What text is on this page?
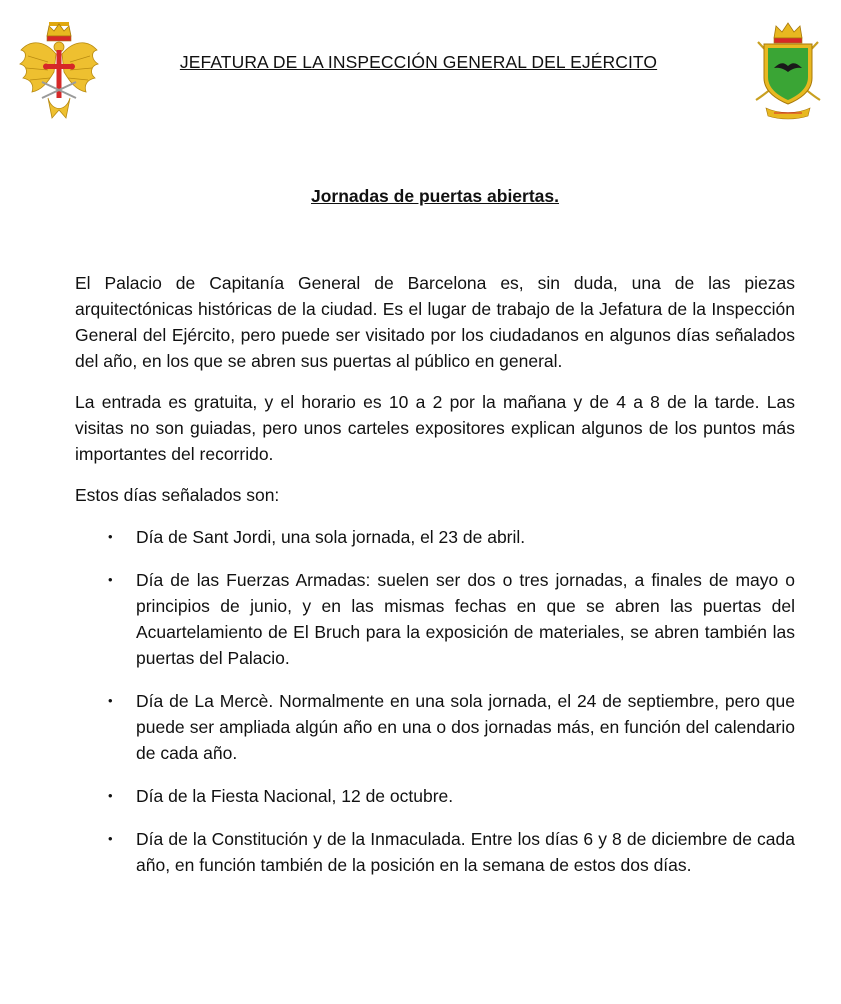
JEFATURA DE LA INSPECCIÓN GENERAL DEL EJÉRCITO
Jornadas de puertas abiertas.

El Palacio de Capitanía General de Barcelona es, sin duda, una de las piezas arquitectónicas históricas de la ciudad. Es el lugar de trabajo de la Jefatura de la Inspección General del Ejército, pero puede ser visitado por los ciudadanos en algunos días señalados del año, en los que se abren sus puertas al público en general.

La entrada es gratuita, y el horario es 10 a 2 por la mañana y de 4 a 8 de la tarde. Las visitas no son guiadas, pero unos carteles expositores explican algunos de los puntos más importantes del recorrido.

Estos días señalados son:

• Día de Sant Jordi, una sola jornada, el 23 de abril.
• Día de las Fuerzas Armadas: suelen ser dos o tres jornadas, a finales de mayo o principios de junio, y en las mismas fechas en que se abren las puertas del Acuartelamiento de El Bruch para la exposición de materiales, se abren también las puertas del Palacio.
• Día de La Mercè. Normalmente en una sola jornada, el 24 de septiembre, pero que puede ser ampliada algún año en una o dos jornadas más, en función del calendario de cada año.
• Día de la Fiesta Nacional, 12 de octubre.
• Día de la Constitución y de la Inmaculada. Entre los días 6 y 8 de diciembre de cada año, en función también de la posición en la semana de estos dos días.
